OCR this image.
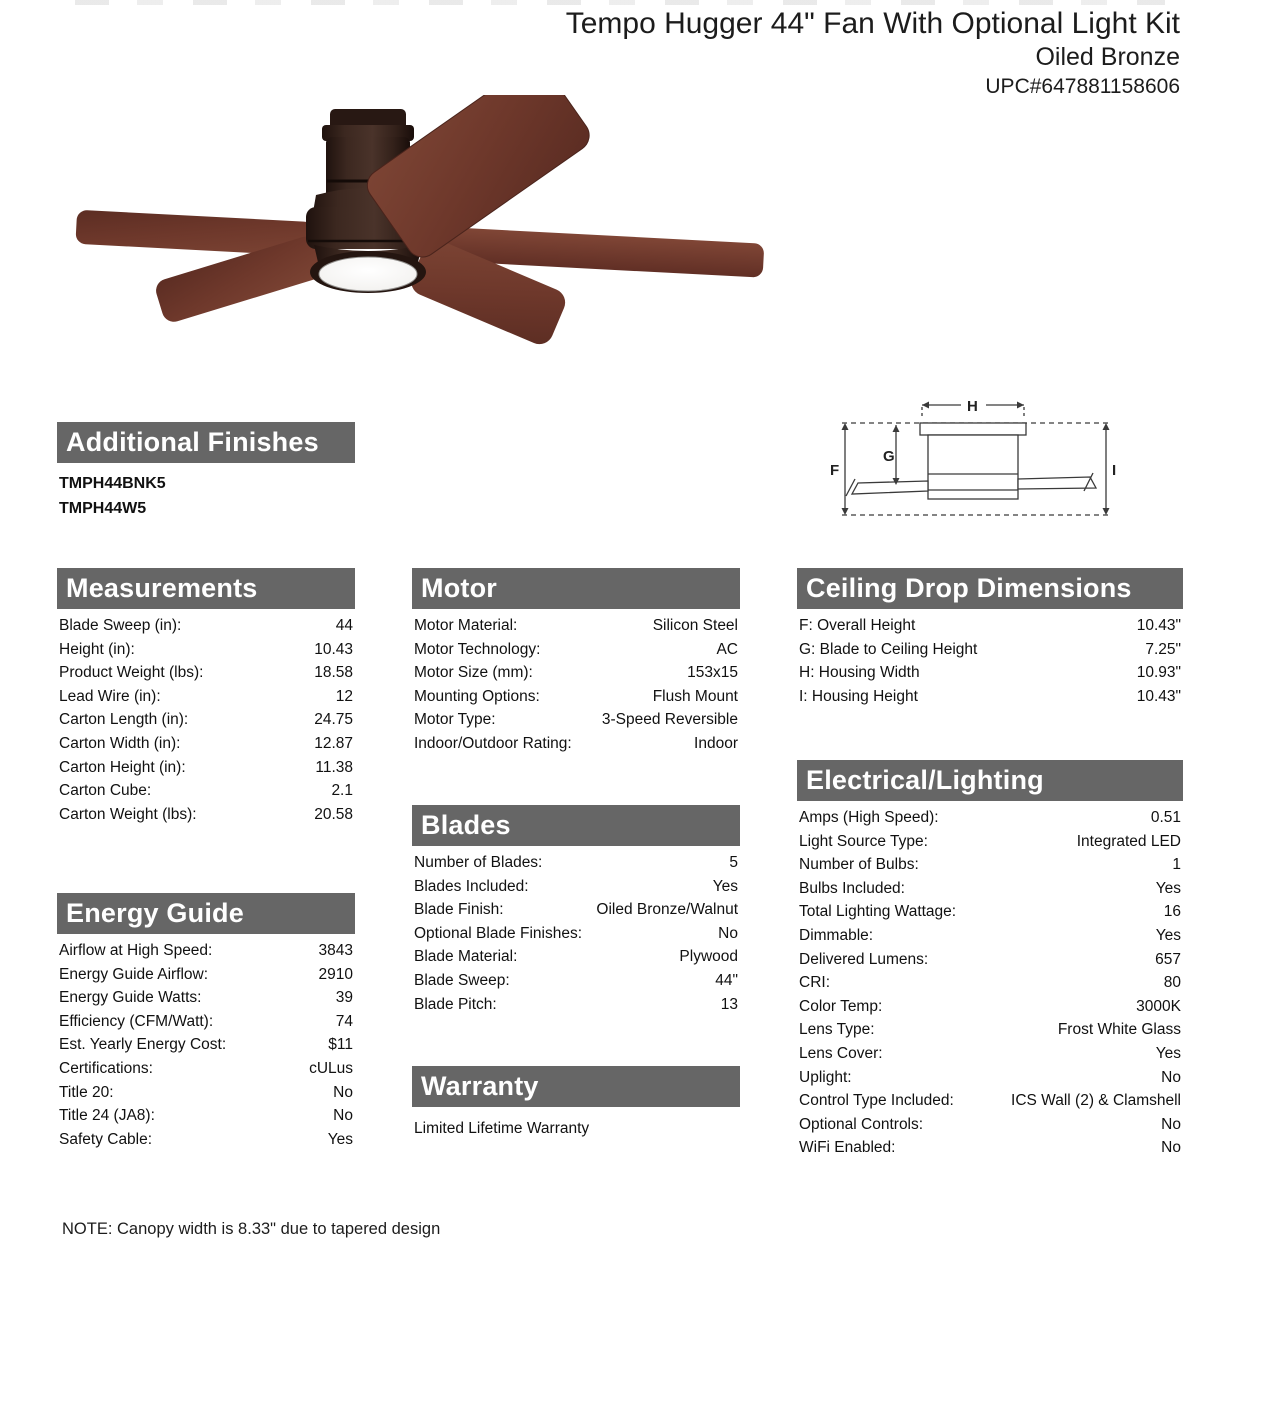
Tempo Hugger 44" Fan With Optional Light Kit
Oiled Bronze
UPC#647881158606
Additional Finishes
TMPH44BNK5
TMPH44W5
F
G
H
I
Measurements
Blade Sweep (in):	44
Height (in):	10.43
Product Weight (lbs):	18.58
Lead Wire (in):	12
Carton Length (in):	24.75
Carton Width (in):	12.87
Carton Height (in):	11.38
Carton Cube:	2.1
Carton Weight (lbs):	20.58
Energy Guide
Airflow at High Speed:	3843
Energy Guide Airflow:	2910
Energy Guide Watts:	39
Efficiency (CFM/Watt):	74
Est. Yearly Energy Cost:	$11
Certifications:	cULus
Title 20:	No
Title 24 (JA8):	No
Safety Cable:	Yes
Motor
Motor Material:	Silicon Steel
Motor Technology:	AC
Motor Size (mm):	153x15
Mounting Options:	Flush Mount
Motor Type:	3-Speed Reversible
Indoor/Outdoor Rating:	Indoor
Blades
Number of Blades:	5
Blades Included:	Yes
Blade Finish:	Oiled Bronze/Walnut
Optional Blade Finishes:	No
Blade Material:	Plywood
Blade Sweep:	44"
Blade Pitch:	13
Warranty
Limited Lifetime Warranty
Ceiling Drop Dimensions
F: Overall Height	10.43"
G: Blade to Ceiling Height	7.25"
H: Housing Width	10.93"
I: Housing Height	10.43"
Electrical/Lighting
Amps (High Speed):	0.51
Light Source Type:	Integrated LED
Number of Bulbs:	1
Bulbs Included:	Yes
Total Lighting Wattage:	16
Dimmable:	Yes
Delivered Lumens:	657
CRI:	80
Color Temp:	3000K
Lens Type:	Frost White Glass
Lens Cover:	Yes
Uplight:	No
Control Type Included:	ICS Wall (2) & Clamshell
Optional Controls:	No
WiFi Enabled:	No
NOTE: Canopy width is 8.33" due to tapered design
